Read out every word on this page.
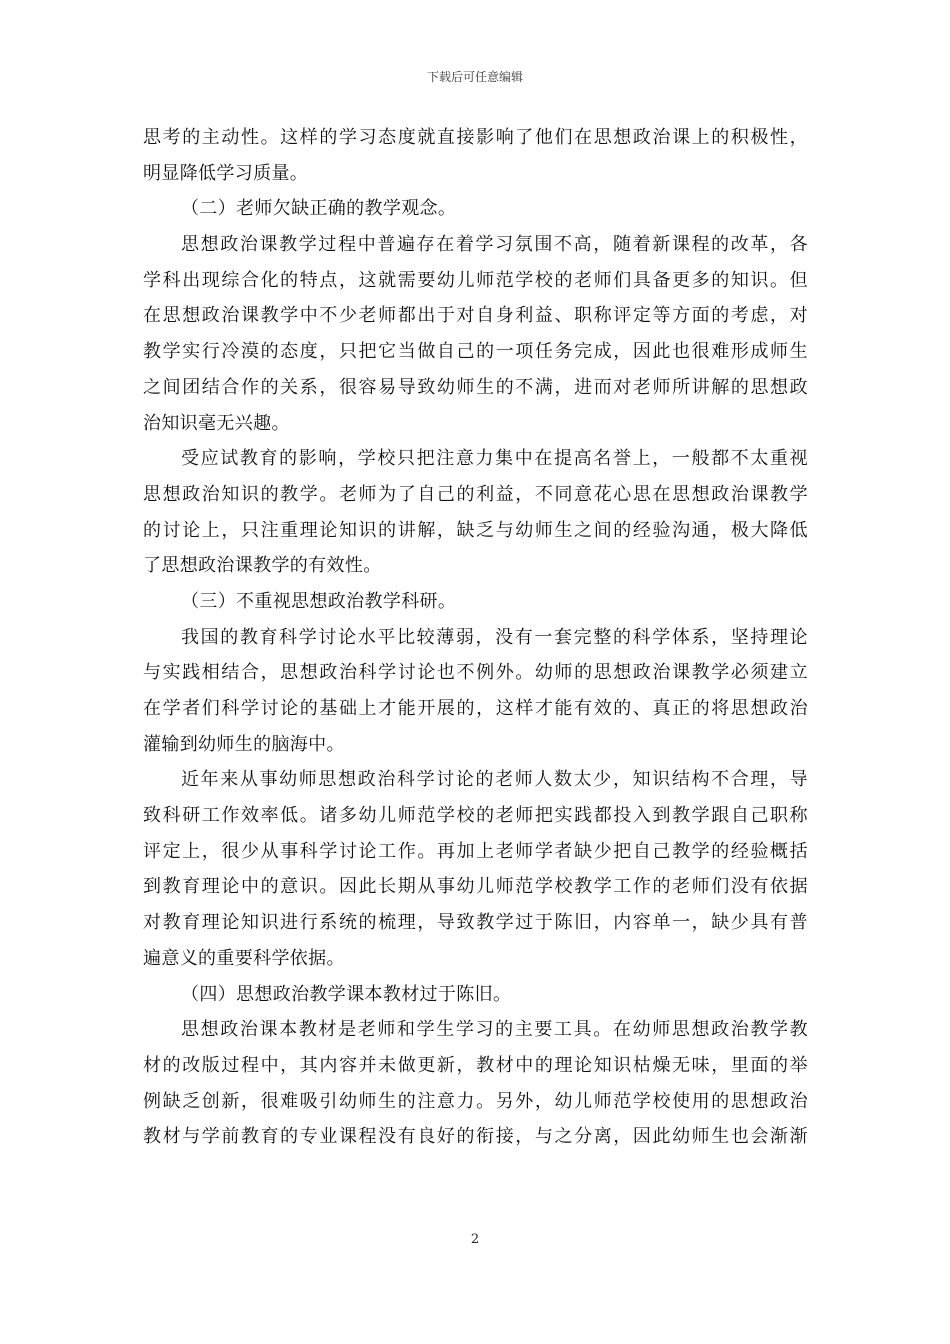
下载后可任意编辑
思考的主动性。这样的学习态度就直接影响了他们在思想政治课上的积极性，
明显降低学习质量。
（二）老师欠缺正确的教学观念。
思想政治课教学过程中普遍存在着学习氛围不高，随着新课程的改革，各
学科出现综合化的特点，这就需要幼儿师范学校的老师们具备更多的知识。但
在思想政治课教学中不少老师都出于对自身利益、职称评定等方面的考虑，对
教学实行冷漠的态度，只把它当做自己的一项任务完成，因此也很难形成师生
之间团结合作的关系，很容易导致幼师生的不满，进而对老师所讲解的思想政
治知识毫无兴趣。
受应试教育的影响，学校只把注意力集中在提高名誉上，一般都不太重视
思想政治知识的教学。老师为了自己的利益，不同意花心思在思想政治课教学
的讨论上，只注重理论知识的讲解，缺乏与幼师生之间的经验沟通，极大降低
了思想政治课教学的有效性。
（三）不重视思想政治教学科研。
我国的教育科学讨论水平比较薄弱，没有一套完整的科学体系，坚持理论
与实践相结合，思想政治科学讨论也不例外。幼师的思想政治课教学必须建立
在学者们科学讨论的基础上才能开展的，这样才能有效的、真正的将思想政治
灌输到幼师生的脑海中。
近年来从事幼师思想政治科学讨论的老师人数太少，知识结构不合理，导
致科研工作效率低。诸多幼儿师范学校的老师把实践都投入到教学跟自己职称
评定上，很少从事科学讨论工作。再加上老师学者缺少把自己教学的经验概括
到教育理论中的意识。因此长期从事幼儿师范学校教学工作的老师们没有依据
对教育理论知识进行系统的梳理，导致教学过于陈旧，内容单一，缺少具有普
遍意义的重要科学依据。
（四）思想政治教学课本教材过于陈旧。
思想政治课本教材是老师和学生学习的主要工具。在幼师思想政治教学教
材的改版过程中，其内容并未做更新，教材中的理论知识枯燥无味，里面的举
例缺乏创新，很难吸引幼师生的注意力。另外，幼儿师范学校使用的思想政治
教材与学前教育的专业课程没有良好的衔接，与之分离，因此幼师生也会渐渐
2
